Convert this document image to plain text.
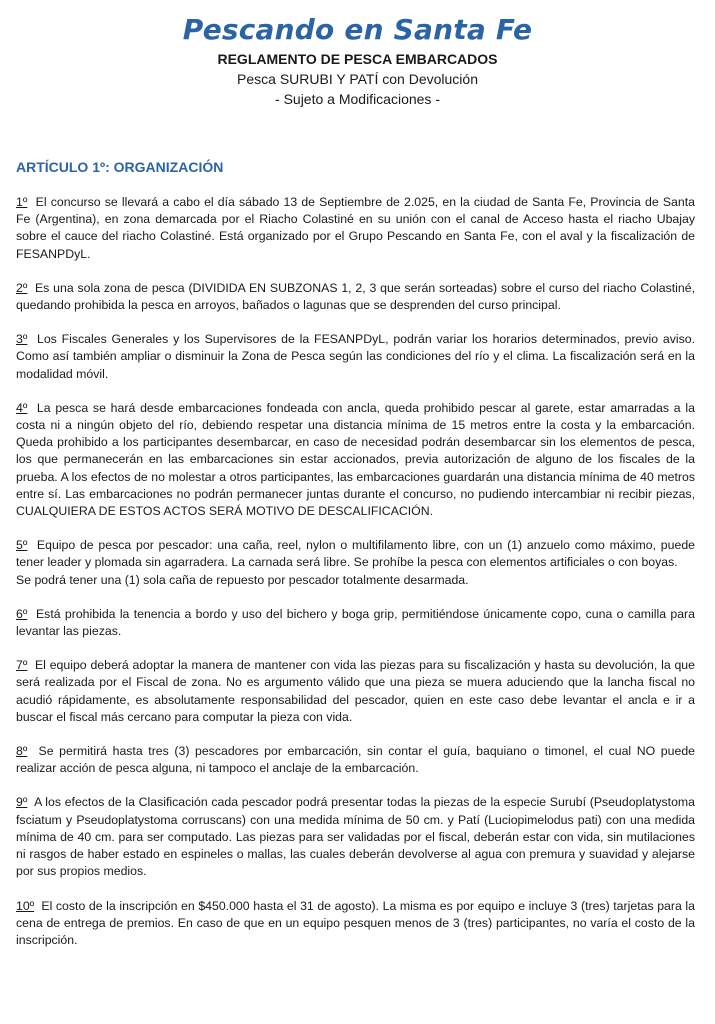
Pescando en Santa Fe
REGLAMENTO DE PESCA EMBARCADOS
Pesca SURUBI Y PATÍ con Devolución
- Sujeto a Modificaciones -
ARTÍCULO 1º: ORGANIZACIÓN

1º El concurso se llevará a cabo el día sábado 13 de Septiembre de 2.025, en la ciudad de Santa Fe, Provincia de Santa Fe (Argentina), en zona demarcada por el Riacho Colastiné en su unión con el canal de Acceso hasta el riacho Ubajay sobre el cauce del riacho Colastiné. Está organizado por el Grupo Pescando en Santa Fe, con el aval y la fiscalización de FESANPDyL.

2º Es una sola zona de pesca (DIVIDIDA EN SUBZONAS 1, 2, 3 que serán sorteadas) sobre el curso del riacho Colastiné, quedando prohibida la pesca en arroyos, bañados o lagunas que se desprenden del curso principal.

3º Los Fiscales Generales y los Supervisores de la FESANPDyL, podrán variar los horarios determinados, previo aviso. Como así también ampliar o disminuir la Zona de Pesca según las condiciones del río y el clima. La fiscalización será en la modalidad móvil.

4º La pesca se hará desde embarcaciones fondeada con ancla, queda prohibido pescar al garete, estar amarradas a la costa ni a ningún objeto del río, debiendo respetar una distancia mínima de 15 metros entre la costa y la embarcación. Queda prohibido a los participantes desembarcar, en caso de necesidad podrán desembarcar sin los elementos de pesca, los que permanecerán en las embarcaciones sin estar accionados, previa autorización de alguno de los fiscales de la prueba. A los efectos de no molestar a otros participantes, las embarcaciones guardarán una distancia mínima de 40 metros entre sí. Las embarcaciones no podrán permanecer juntas durante el concurso, no pudiendo intercambiar ni recibir piezas, CUALQUIERA DE ESTOS ACTOS SERÁ MOTIVO DE DESCALIFICACIÓN.

5º Equipo de pesca por pescador: una caña, reel, nylon o multifilamento libre, con un (1) anzuelo como máximo, puede tener leader y plomada sin agarradera. La carnada será libre. Se prohíbe la pesca con elementos artificiales o con boyas.
Se podrá tener una (1) sola caña de repuesto por pescador totalmente desarmada.

6º Está prohibida la tenencia a bordo y uso del bichero y boga grip, permitiéndose únicamente copo, cuna o camilla para levantar las piezas.

7º El equipo deberá adoptar la manera de mantener con vida las piezas para su fiscalización y hasta su devolución, la que será realizada por el Fiscal de zona. No es argumento válido que una pieza se muera aduciendo que la lancha fiscal no acudió rápidamente, es absolutamente responsabilidad del pescador, quien en este caso debe levantar el ancla e ir a buscar el fiscal más cercano para computar la pieza con vida.

8º Se permitirá hasta tres (3) pescadores por embarcación, sin contar el guía, baquiano o timonel, el cual NO puede realizar acción de pesca alguna, ni tampoco el anclaje de la embarcación.

9º A los efectos de la Clasificación cada pescador podrá presentar todas la piezas de la especie Surubí (Pseudoplatystoma fsciatum y Pseudoplatystoma corruscans) con una medida mínima de 50 cm. y Patí (Luciopimelodus pati) con una medida mínima de 40 cm. para ser computado. Las piezas para ser validadas por el fiscal, deberán estar con vida, sin mutilaciones ni rasgos de haber estado en espineles o mallas, las cuales deberán devolverse al agua con premura y suavidad y alejarse por sus propios medios.

10º El costo de la inscripción en $450.000 hasta el 31 de agosto). La misma es por equipo e incluye 3 (tres) tarjetas para la cena de entrega de premios. En caso de que en un equipo pesquen menos de 3 (tres) participantes, no varía el costo de la inscripción.
